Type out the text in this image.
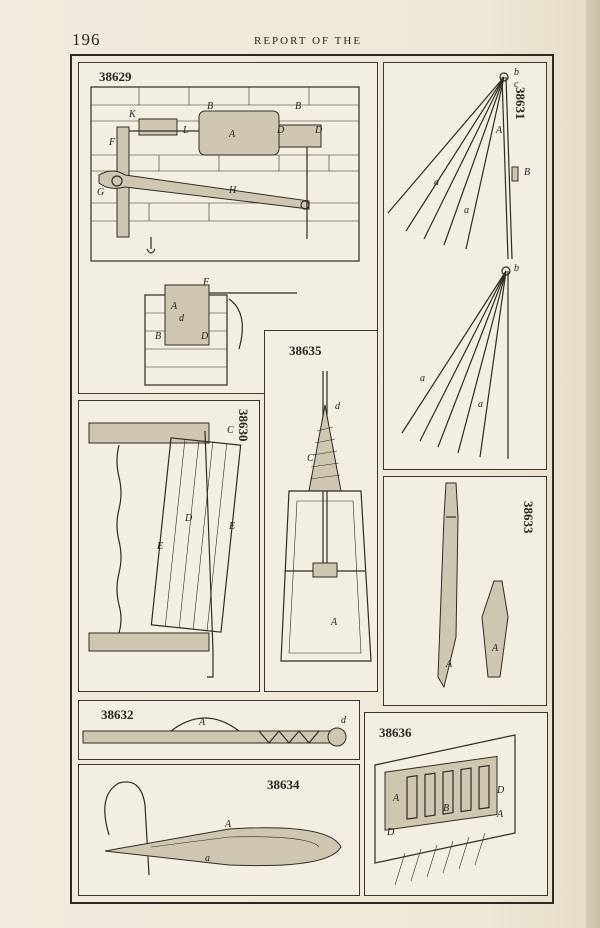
196	REPORT OF THE
38629
K
L
B
A
B
D	D
F
G	H
F
A
d
B	D
38631
b
c
A
B
a
a
b
a
a
38630
C
E
D
E
38635
d
C
A
38633
A
A
38632
A	d
38636
A
B
D
D
A
38634
A
a
